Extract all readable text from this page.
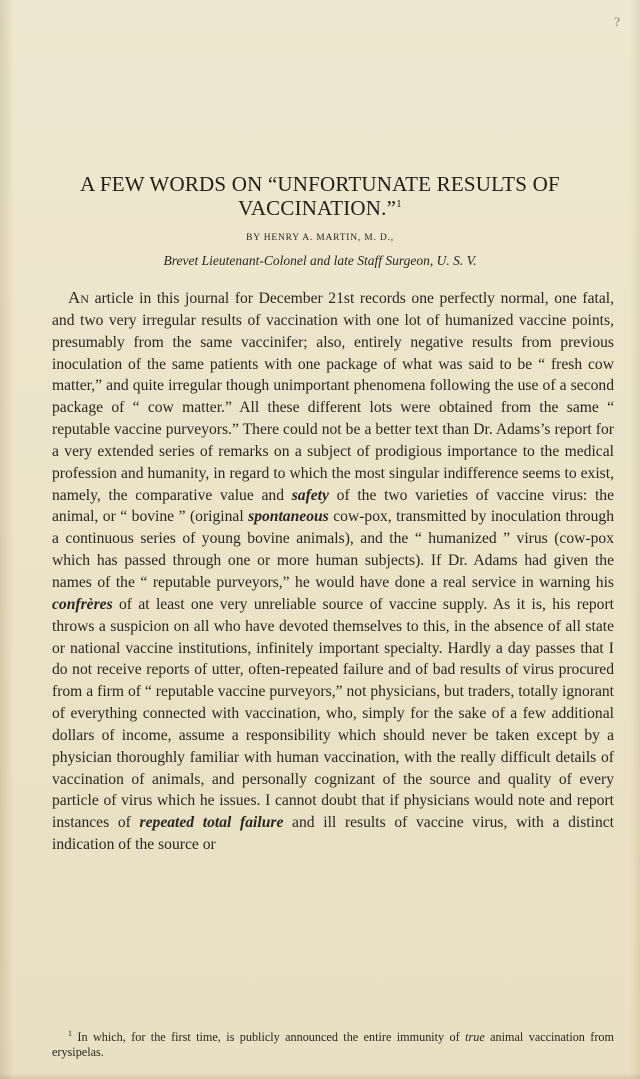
?
A FEW WORDS ON “UNFORTUNATE RESULTS OF VACCINATION.”$^1$
BY HENRY A. MARTIN, M. D.,
Brevet Lieutenant-Colonel and late Staff Surgeon, U. S. V.

An article in this journal for December 21st records one perfectly normal, one fatal, and two very irregular results of vaccination with one lot of humanized vaccine points, presumably from the same vaccinifer; also, entirely negative results from previous inoculation of the same patients with one package of what was said to be “ fresh cow matter,” and quite irregular though unimportant phenomena following the use of a second package of “ cow matter.” All these different lots were obtained from the same “ reputable vaccine purveyors.” There could not be a better text than Dr. Adams’s report for a very extended series of remarks on a subject of prodigious importance to the medical profession and humanity, in regard to which the most singular indifference seems to exist, namely, the comparative value and safety of the two varieties of vaccine virus: the animal, or “ bovine ” (original spontaneous cow-pox, transmitted by inoculation through a continuous series of young bovine animals), and the “ humanized ” virus (cow-pox which has passed through one or more human subjects). If Dr. Adams had given the names of the “ reputable purveyors,” he would have done a real service in warning his confrères of at least one very unreliable source of vaccine supply. As it is, his report throws a suspicion on all who have devoted themselves to this, in the absence of all state or national vaccine institutions, infinitely important specialty. Hardly a day passes that I do not receive reports of utter, often-repeated failure and of bad results of virus procured from a firm of “ reputable vaccine purveyors,” not physicians, but traders, totally ignorant of everything connected with vaccination, who, simply for the sake of a few additional dollars of income, assume a responsibility which should never be taken except by a physician thoroughly familiar with human vaccination, with the really difficult details of vaccination of animals, and personally cognizant of the source and quality of every particle of virus which he issues. I cannot doubt that if physicians would note and report instances of repeated total failure and ill results of vaccine virus, with a distinct indication of the source or

$^1$ In which, for the first time, is publicly announced the entire immunity of true animal vaccination from erysipelas.
